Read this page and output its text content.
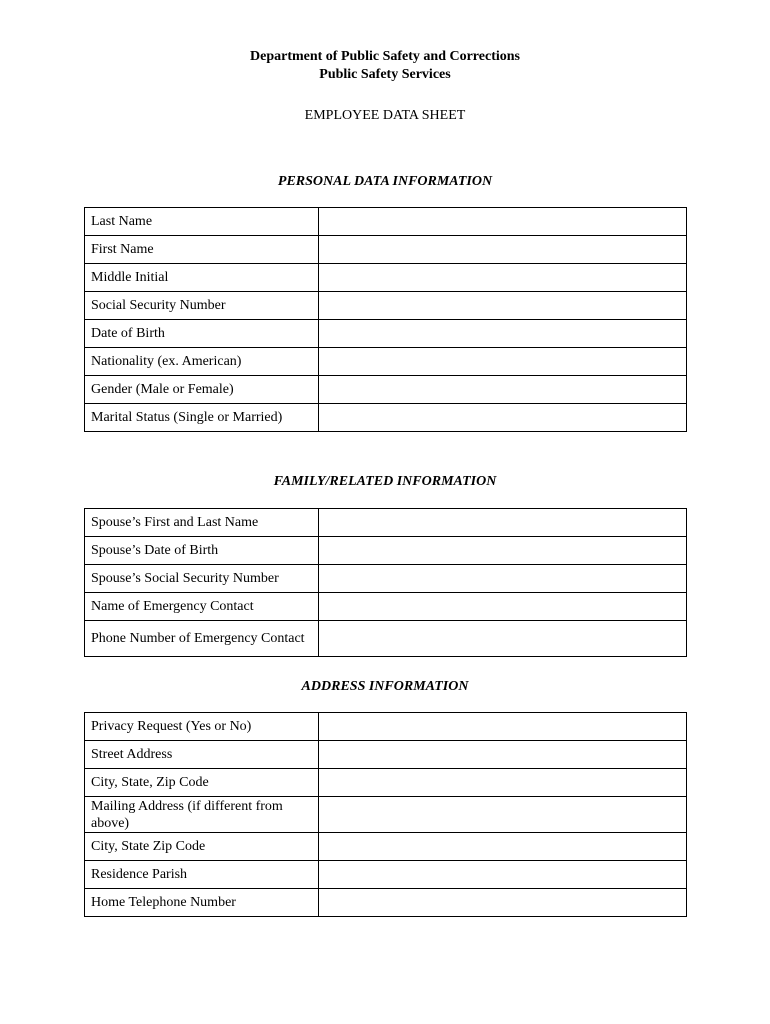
Department of Public Safety and Corrections
Public Safety Services
EMPLOYEE DATA SHEET
PERSONAL DATA INFORMATION
Last Name	
First Name	
Middle Initial	
Social Security Number	
Date of Birth	
Nationality (ex. American)	
Gender (Male or Female)	
Marital Status (Single or Married)	
FAMILY/RELATED INFORMATION
Spouse’s First and Last Name	
Spouse’s Date of Birth	
Spouse’s Social Security Number	
Name of Emergency Contact	
Phone Number of Emergency Contact	
ADDRESS INFORMATION
Privacy Request (Yes or No)	
Street Address	
City, State, Zip Code	
Mailing Address (if different from above)	
City, State Zip Code	
Residence Parish	
Home Telephone Number	
